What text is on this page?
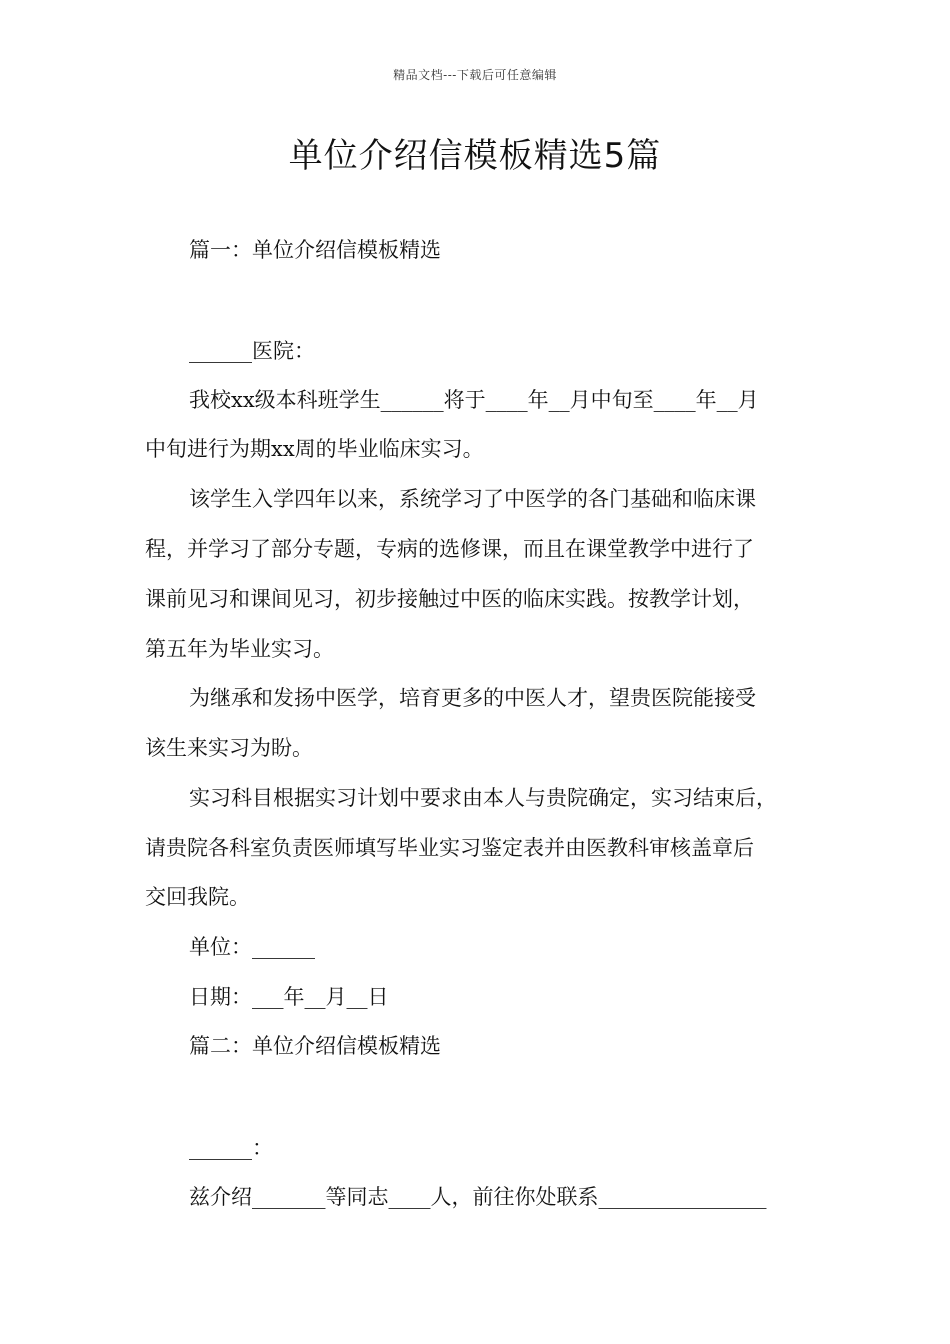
精品文档---下载后可任意编辑
单位介绍信模板精选5篇
篇一：单位介绍信模板精选
______医院：
我校xx级本科班学生______将于____年__月中旬至____年__月
中旬进行为期xx周的毕业临床实习。
该学生入学四年以来，系统学习了中医学的各门基础和临床课
程，并学习了部分专题，专病的选修课，而且在课堂教学中进行了
课前见习和课间见习，初步接触过中医的临床实践。按教学计划，
第五年为毕业实习。
为继承和发扬中医学，培育更多的中医人才，望贵医院能接受
该生来实习为盼。
实习科目根据实习计划中要求由本人与贵院确定，实习结束后，
请贵院各科室负责医师填写毕业实习鉴定表并由医教科审核盖章后
交回我院。
单位：______
日期：___年__月__日
篇二：单位介绍信模板精选
______：
兹介绍_______等同志____人，前往你处联系________________
